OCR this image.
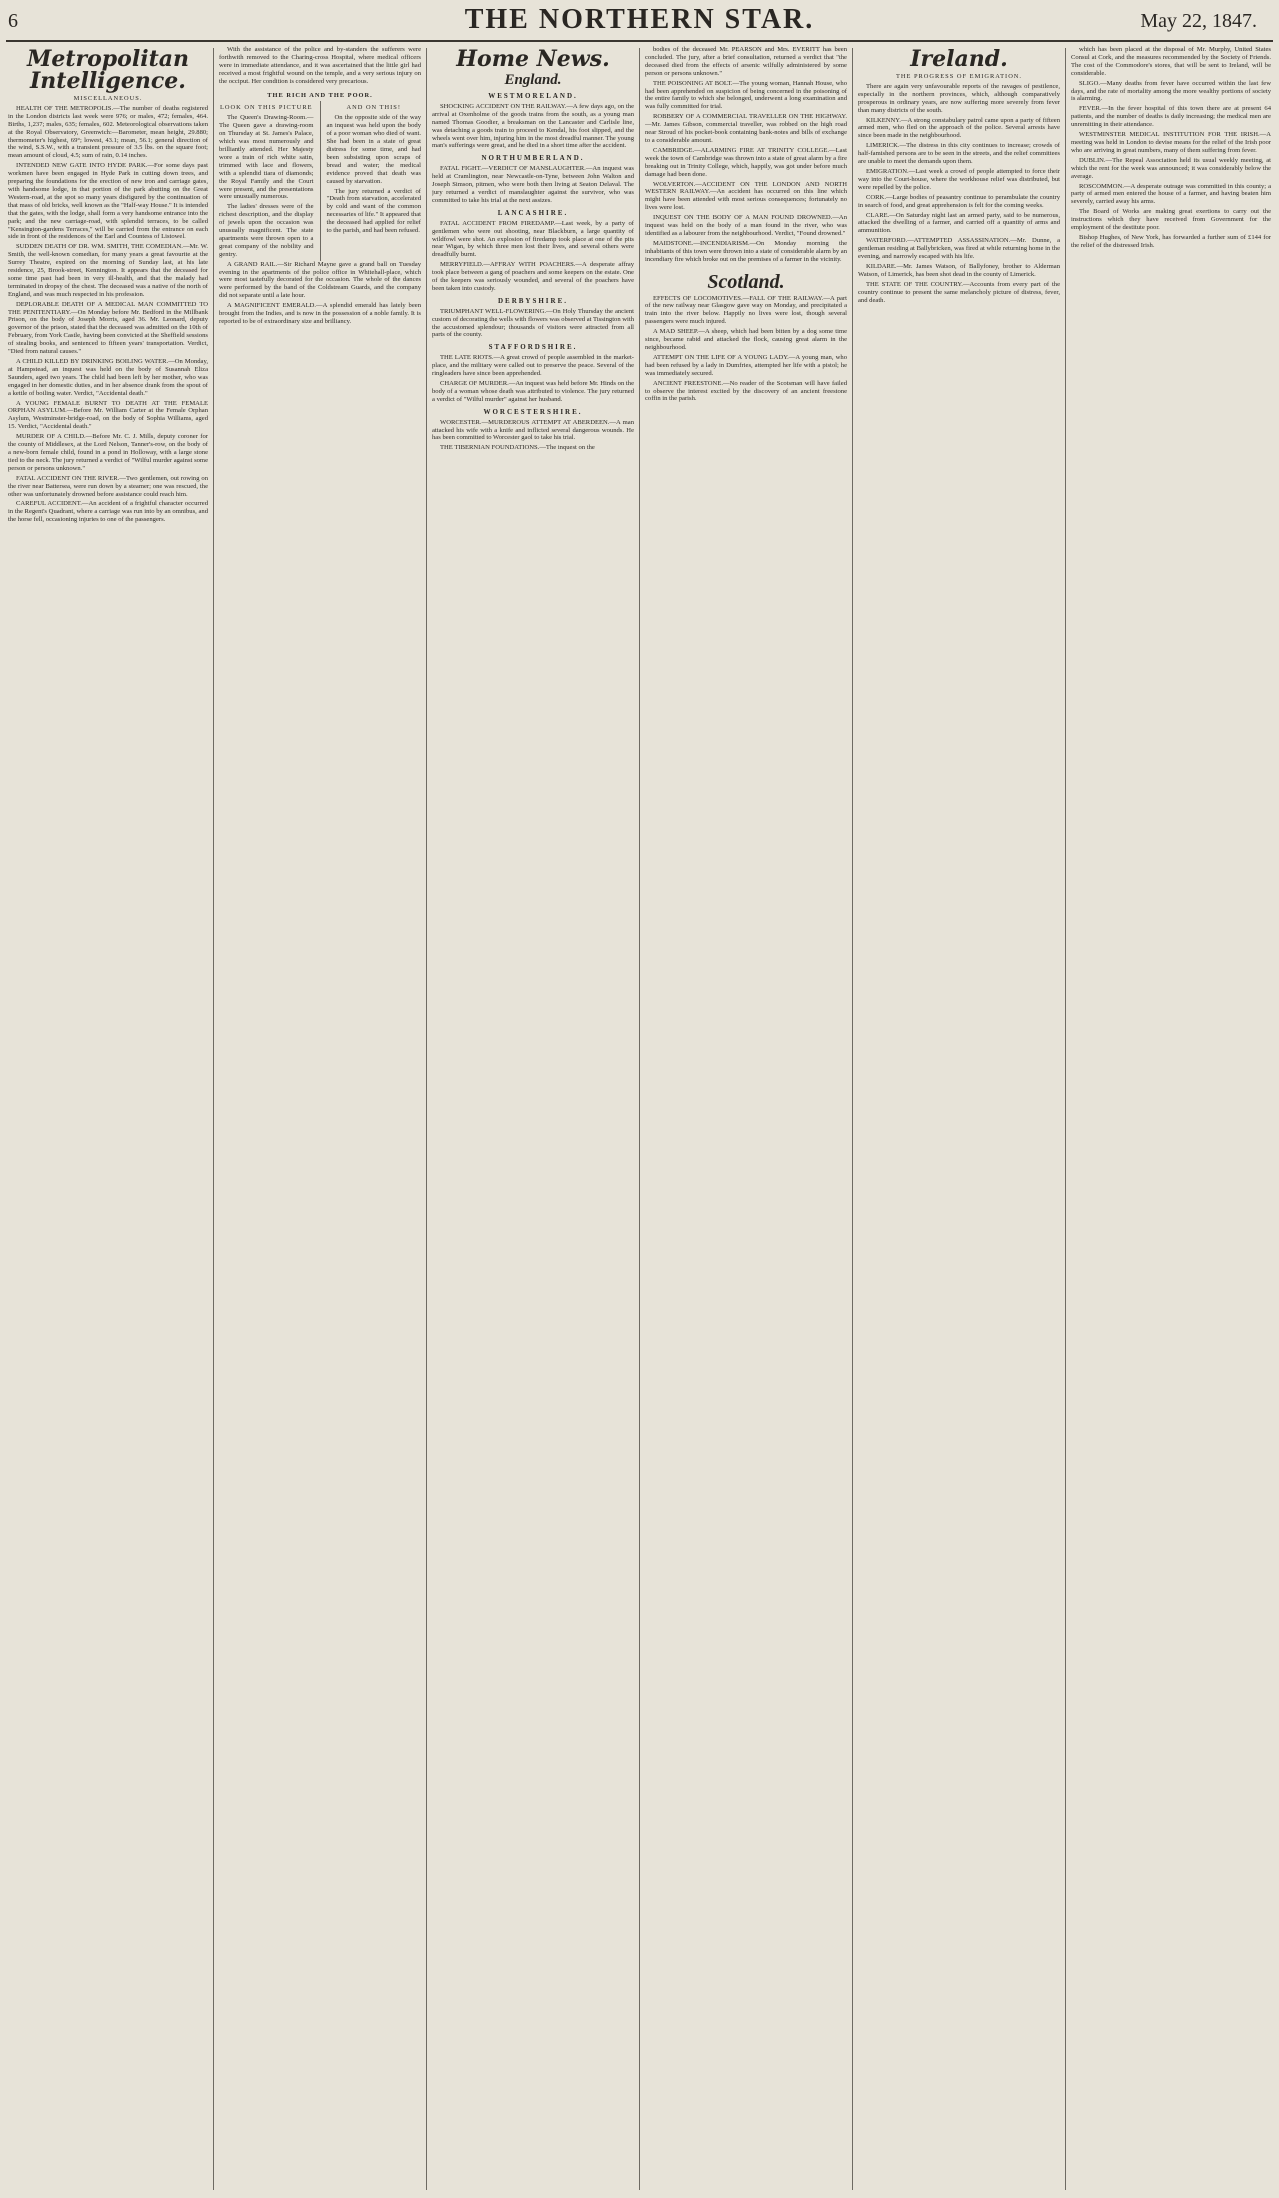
6	THE NORTHERN STAR.	May 22, 1847.
Metropolitan Intelligence.
MISCELLANEOUS.

HEALTH OF THE METROPOLIS.—The number of deaths registered in the London districts last week were 976; or males, 472; females, 464. Births, 1,237; males, 635; females, 602. Meteorological observations taken at the Royal Observatory, Greenwich:—Barometer, mean height, 29.880; thermometer's highest, 69°; lowest, 43.1; mean, 56.1; general direction of the wind, S.S.W., with a transient pressure of 3.5 lbs. on the square foot; mean amount of cloud, 4.5; sum of rain, 0.14 inches.

INTENDED NEW GATE INTO HYDE PARK.—For some days past workmen have been engaged in Hyde Park in cutting down trees, and preparing the foundations for the erection of new iron and carriage gates, with handsome lodge, in that portion of the park abutting on the Great Western-road, at the spot so many years disfigured by the continuation of that mass of old bricks, well known as the "Half-way House." It is intended that the gates, with the lodge, shall form a very handsome entrance into the park; and the new carriage-road, with splendid terraces, to be called "Kensington-gardens Terraces," will be carried from the entrance on each side in front of the residences of the Earl and Countess of Listowel.

SUDDEN DEATH OF DR. WM. SMITH, THE COMEDIAN.—Mr. W. Smith, the well-known comedian, for many years a great favourite at the Surrey Theatre, expired on the morning of Sunday last, at his late residence, 25, Brook-street, Kennington. It appears that the deceased for some time past had been in very ill-health, and that the malady had terminated in dropsy of the chest. The deceased was a native of the north of England, and was much respected in his profession.

DEPLORABLE DEATH OF A MEDICAL MAN COMMITTED TO THE PENITENTIARY.—On Monday before Mr. Bedford in the Millbank Prison, on the body of Joseph Morris, aged 36. Mr. Leonard, deputy governor of the prison, stated that the deceased was admitted on the 10th of February, from York Castle, having been convicted at the Sheffield sessions of stealing books, and sentenced to fifteen years' transportation. Verdict, "Died from natural causes."

A CHILD KILLED BY DRINKING BOILING WATER.—On Monday, at Hampstead, an inquest was held on the body of Susannah Eliza Saunders, aged two years. The child had been left by her mother, who was engaged in her domestic duties, and in her absence drank from the spout of a kettle of boiling water. Verdict, "Accidental death."

A YOUNG FEMALE BURNT TO DEATH AT THE FEMALE ORPHAN ASYLUM.—Before Mr. William Carter at the Female Orphan Asylum, Westminster-bridge-road, on the body of Sophia Williams, aged 15. Verdict, "Accidental death."

MURDER OF A CHILD.—Before Mr. C. J. Mills, deputy coroner for the county of Middlesex, at the Lord Nelson, Tanner's-row, on the body of a new-born female child, found in a pond in Holloway, with a large stone tied to the neck. The jury returned a verdict of "Wilful murder against some person or persons unknown."

FATAL ACCIDENT ON THE RIVER.—Two gentlemen, out rowing on the river near Battersea, were run down by a steamer; one was rescued, the other was unfortunately drowned before assistance could reach him.

CAREFUL ACCIDENT.—An accident of a frightful character occurred in the Regent's Quadrant, where a carriage was run into by an omnibus, and the horse fell, occasioning injuries to one of the passengers.

With the assistance of the police and by-standers the sufferers were forthwith removed to the Charing-cross Hospital, where medical officers were in immediate attendance, and it was ascertained that the little girl had received a most frightful wound on the temple, and a very serious injury on the occiput. Her condition is considered very precarious.

THE RICH AND THE POOR.
LOOK ON THIS PICTURE

The Queen's Drawing-Room.—The Queen gave a drawing-room on Thursday at St. James's Palace, which was most numerously and brilliantly attended. Her Majesty wore a train of rich white satin, trimmed with lace and flowers, with a splendid tiara of diamonds; the Royal Family and the Court were present, and the presentations were unusually numerous.

The ladies' dresses were of the richest description, and the display of jewels upon the occasion was unusually magnificent. The state apartments were thrown open to a great company of the nobility and gentry.

AND ON THIS!

On the opposite side of the way an inquest was held upon the body of a poor woman who died of want. She had been in a state of great distress for some time, and had been subsisting upon scraps of bread and water; the medical evidence proved that death was caused by starvation.

The jury returned a verdict of "Death from starvation, accelerated by cold and want of the common necessaries of life." It appeared that the deceased had applied for relief to the parish, and had been refused.

A GRAND RAIL.—Sir Richard Mayne gave a grand ball on Tuesday evening in the apartments of the police office in Whitehall-place, which were most tastefully decorated for the occasion. The whole of the dances were performed by the band of the Coldstream Guards, and the company did not separate until a late hour.

A MAGNIFICENT EMERALD.—A splendid emerald has lately been brought from the Indies, and is now in the possession of a noble family. It is reported to be of extraordinary size and brilliancy.

Home News.
England.
WESTMORELAND.

SHOCKING ACCIDENT ON THE RAILWAY.—A few days ago, on the arrival at Oxenholme of the goods trains from the south, as a young man named Thomas Goodier, a breaksman on the Lancaster and Carlisle line, was detaching a goods train to proceed to Kendal, his foot slipped, and the wheels went over him, injuring him in the most dreadful manner. The young man's sufferings were great, and he died in a short time after the accident.

NORTHUMBERLAND.

FATAL FIGHT.—VERDICT OF MANSLAUGHTER.—An inquest was held at Cramlington, near Newcastle-on-Tyne, between John Walton and Joseph Simson, pitmen, who were both then living at Seaton Delaval. The jury returned a verdict of manslaughter against the survivor, who was committed to take his trial at the next assizes.

LANCASHIRE.

FATAL ACCIDENT FROM FIREDAMP.—Last week, by a party of gentlemen who were out shooting, near Blackburn, a large quantity of wildfowl were shot. An explosion of firedamp took place at one of the pits near Wigan, by which three men lost their lives, and several others were dreadfully burnt.

MERRYFIELD.—AFFRAY WITH POACHERS.—A desperate affray took place between a gang of poachers and some keepers on the estate. One of the keepers was seriously wounded, and several of the poachers have been taken into custody.

DERBYSHIRE.

TRIUMPHANT WELL-FLOWERING.—On Holy Thursday the ancient custom of decorating the wells with flowers was observed at Tissington with the accustomed splendour; thousands of visitors were attracted from all parts of the county.

STAFFORDSHIRE.

THE LATE RIOTS.—A great crowd of people assembled in the market-place, and the military were called out to preserve the peace. Several of the ringleaders have since been apprehended.

CHARGE OF MURDER.—An inquest was held before Mr. Hinds on the body of a woman whose death was attributed to violence. The jury returned a verdict of "Wilful murder" against her husband.

WORCESTERSHIRE.

WORCESTER.—MURDEROUS ATTEMPT AT ABERDEEN.—A man attacked his wife with a knife and inflicted several dangerous wounds. He has been committed to Worcester gaol to take his trial.

THE TIBERNIAN FOUNDATIONS.—The inquest on the

bodies of the deceased Mr. PEARSON and Mrs. EVERITT has been concluded. The jury, after a brief consultation, returned a verdict that "the deceased died from the effects of arsenic wilfully administered by some person or persons unknown."

THE POISONING AT BOLT.—The young woman, Hannah House, who had been apprehended on suspicion of being concerned in the poisoning of the entire family to which she belonged, underwent a long examination and was fully committed for trial.

ROBBERY OF A COMMERCIAL TRAVELLER ON THE HIGHWAY.—Mr. James Gibson, commercial traveller, was robbed on the high road near Stroud of his pocket-book containing bank-notes and bills of exchange to a considerable amount.

CAMBRIDGE.—ALARMING FIRE AT TRINITY COLLEGE.—Last week the town of Cambridge was thrown into a state of great alarm by a fire breaking out in Trinity College, which, happily, was got under before much damage had been done.

WOLVERTON.—ACCIDENT ON THE LONDON AND NORTH WESTERN RAILWAY.—An accident has occurred on this line which might have been attended with most serious consequences; fortunately no lives were lost.

INQUEST ON THE BODY OF A MAN FOUND DROWNED.—An inquest was held on the body of a man found in the river, who was identified as a labourer from the neighbourhood. Verdict, "Found drowned."

MAIDSTONE.—INCENDIARISM.—On Monday morning the inhabitants of this town were thrown into a state of considerable alarm by an incendiary fire which broke out on the premises of a farmer in the vicinity.

Scotland.

EFFECTS OF LOCOMOTIVES.—FALL OF THE RAILWAY.—A part of the new railway near Glasgow gave way on Monday, and precipitated a train into the river below. Happily no lives were lost, though several passengers were much injured.

A MAD SHEEP.—A sheep, which had been bitten by a dog some time since, became rabid and attacked the flock, causing great alarm in the neighbourhood.

ATTEMPT ON THE LIFE OF A YOUNG LADY.—A young man, who had been refused by a lady in Dumfries, attempted her life with a pistol; he was immediately secured.

ANCIENT FREESTONE.—No reader of the Scotsman will have failed to observe the interest excited by the discovery of an ancient freestone coffin in the parish.

Ireland.
THE PROGRESS OF EMIGRATION.

There are again very unfavourable reports of the ravages of pestilence, especially in the northern provinces, which, although comparatively prosperous in ordinary years, are now suffering more severely from fever than many districts of the south.

KILKENNY.—A strong constabulary patrol came upon a party of fifteen armed men, who fled on the approach of the police. Several arrests have since been made in the neighbourhood.

LIMERICK.—The distress in this city continues to increase; crowds of half-famished persons are to be seen in the streets, and the relief committees are unable to meet the demands upon them.

EMIGRATION.—Last week a crowd of people attempted to force their way into the Court-house, where the workhouse relief was distributed, but were repelled by the police.

CORK.—Large bodies of peasantry continue to perambulate the country in search of food, and great apprehension is felt for the coming weeks.

CLARE.—On Saturday night last an armed party, said to be numerous, attacked the dwelling of a farmer, and carried off a quantity of arms and ammunition.

WATERFORD.—ATTEMPTED ASSASSINATION.—Mr. Dunne, a gentleman residing at Ballybricken, was fired at while returning home in the evening, and narrowly escaped with his life.

KILDARE.—Mr. James Watson, of Ballyfoney, brother to Alderman Watson, of Limerick, has been shot dead in the county of Limerick.

THE STATE OF THE COUNTRY.—Accounts from every part of the country continue to present the same melancholy picture of distress, fever, and death.

which has been placed at the disposal of Mr. Murphy, United States Consul at Cork, and the measures recommended by the Society of Friends. The cost of the Commodore's stores, that will be sent to Ireland, will be considerable.

SLIGO.—Many deaths from fever have occurred within the last few days, and the rate of mortality among the more wealthy portions of society is alarming.

FEVER.—In the fever hospital of this town there are at present 64 patients, and the number of deaths is daily increasing; the medical men are unremitting in their attendance.

WESTMINSTER MEDICAL INSTITUTION FOR THE IRISH.—A meeting was held in London to devise means for the relief of the Irish poor who are arriving in great numbers, many of them suffering from fever.

DUBLIN.—The Repeal Association held its usual weekly meeting, at which the rent for the week was announced; it was considerably below the average.

ROSCOMMON.—A desperate outrage was committed in this county; a party of armed men entered the house of a farmer, and having beaten him severely, carried away his arms.

The Board of Works are making great exertions to carry out the instructions which they have received from Government for the employment of the destitute poor.

Bishop Hughes, of New York, has forwarded a further sum of £144 for the relief of the distressed Irish.
